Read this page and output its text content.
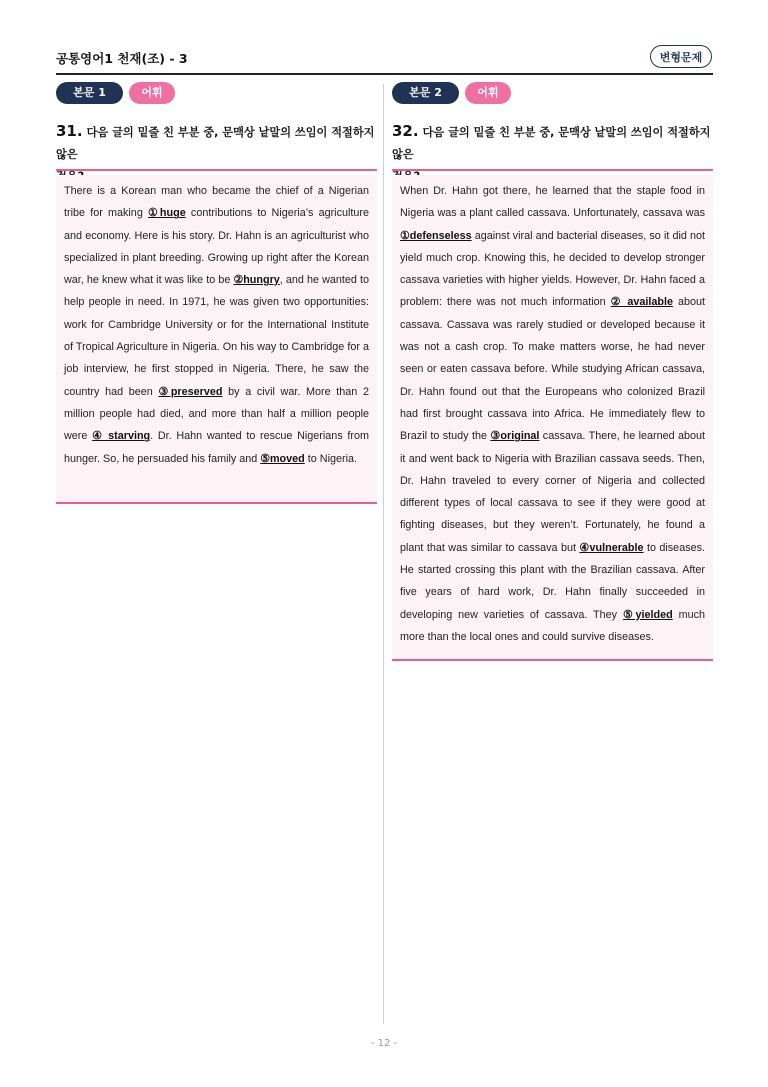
공통영어1 천재(조) - 3	변형문제
본문 1	어휘
31. 다음 글의 밑줄 친 부분 중, 문맥상 낱말의 쓰임이 적절하지 않은
There is a Korean man who became the chief of a Nigerian tribe for making ①huge contributions to Nigeria’s agriculture and economy. Here is his story. Dr. Hahn is an agriculturist who specialized in plant breeding. Growing up right after the Korean war, he knew what it was like to be ②hungry, and he wanted to help people in need. In 1971, he was given two opportunities: work for Cambridge University or for the International Institute of Tropical Agriculture in Nigeria. On his way to Cambridge for a job interview, he first stopped in Nigeria. There, he saw the country had been ③preserved by a civil war. More than 2 million people had died, and more than half a million people were ④ starving. Dr. Hahn wanted to rescue Nigerians from hunger. So, he persuaded his family and ⑤moved to Nigeria.
본문 2	어휘
32. 다음 글의 밑줄 친 부분 중, 문맥상 낱말의 쓰임이 적절하지 않은
When Dr. Hahn got there, he learned that the staple food in Nigeria was a plant called cassava. Unfortunately, cassava was ①defenseless against viral and bacterial diseases, so it did not yield much crop. Knowing this, he decided to develop stronger cassava varieties with higher yields. However, Dr. Hahn faced a problem: there was not much information ② available about cassava. Cassava was rarely studied or developed because it was not a cash crop. To make matters worse, he had never seen or eaten cassava before. While studying African cassava, Dr. Hahn found out that the Europeans who colonized Brazil had first brought cassava into Africa. He immediately flew to Brazil to study the ③original cassava. There, he learned about it and went back to Nigeria with Brazilian cassava seeds. Then, Dr. Hahn traveled to every corner of Nigeria and collected different types of local cassava to see if they were good at fighting diseases, but they weren’t. Fortunately, he found a plant that was similar to cassava but ④vulnerable to diseases. He started crossing this plant with the Brazilian cassava. After five years of hard work, Dr. Hahn finally succeeded in developing new varieties of cassava. They ⑤yielded much more than the local ones and could survive diseases.
- 12 -
